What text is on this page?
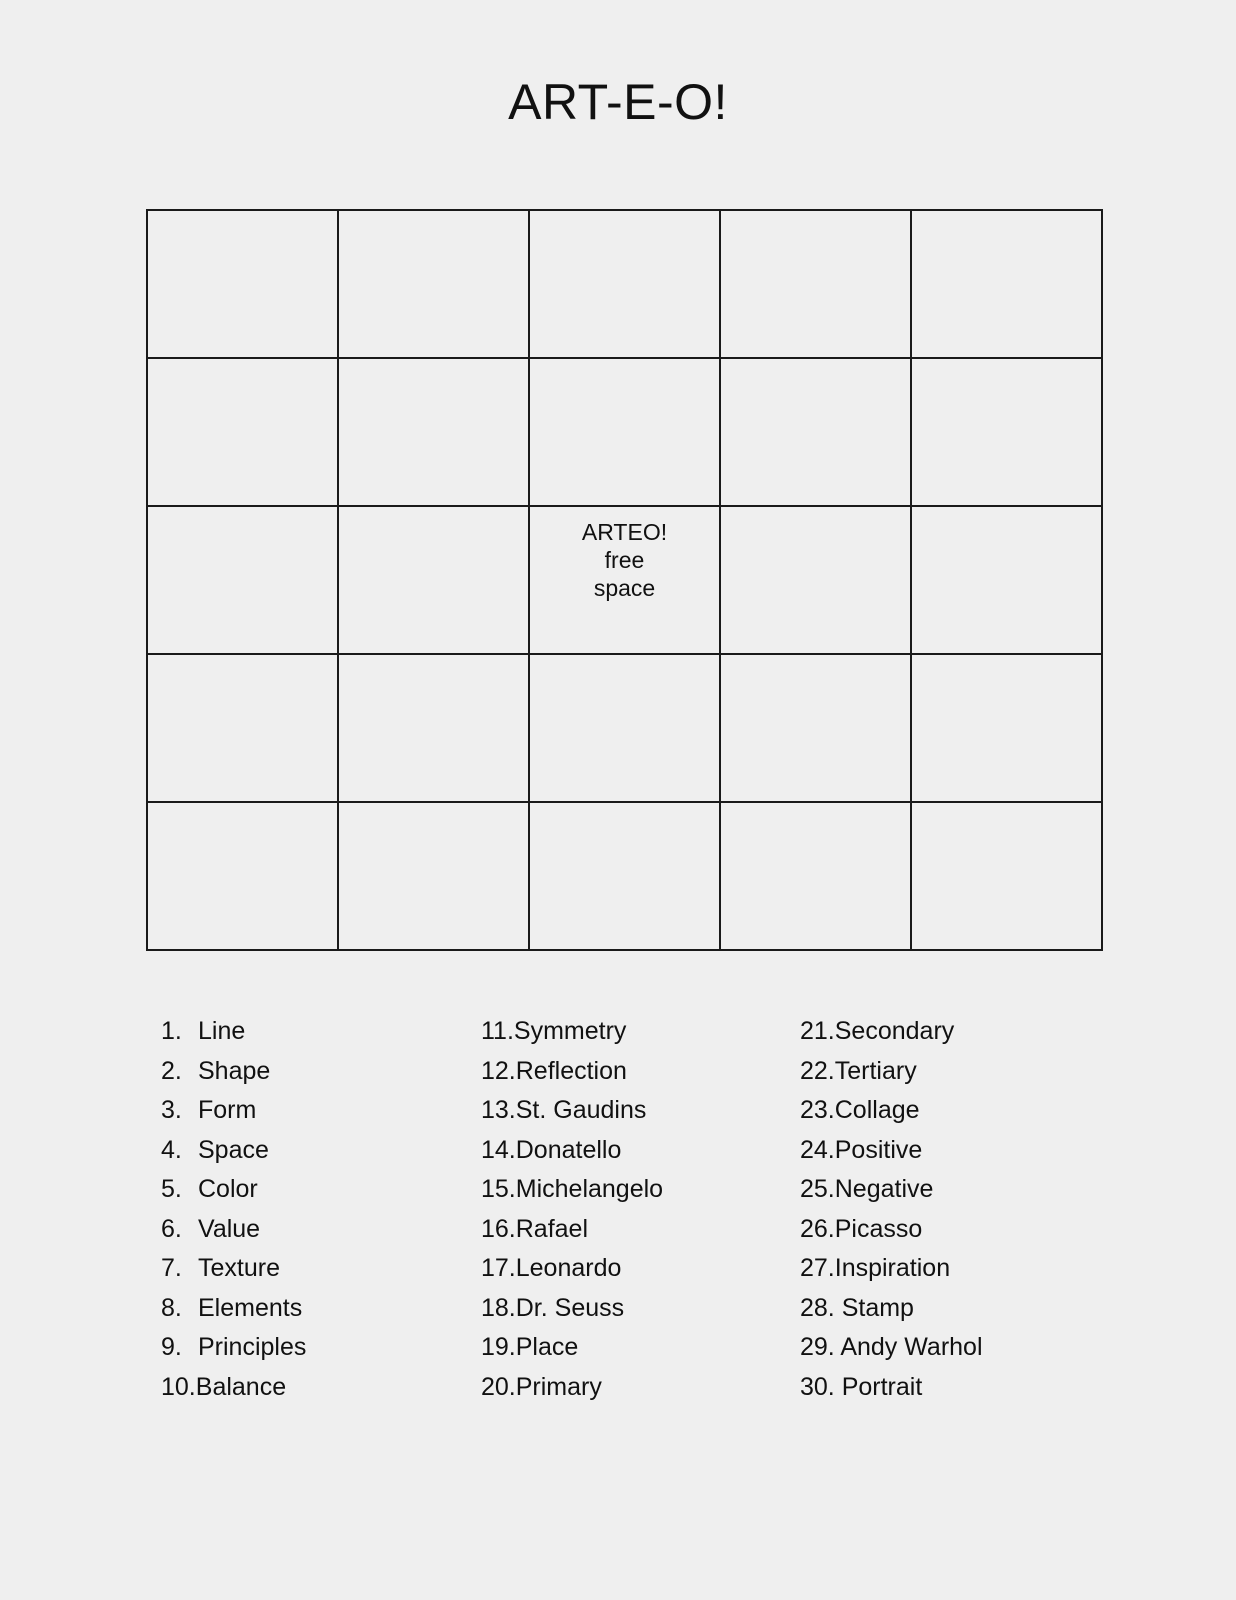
ART-E-O!

		ARTEO!
free
space		

1. Line
2. Shape
3. Form
4. Space
5. Color
6. Value
7. Texture
8. Elements
9. Principles
10.Balance
11.Symmetry
12.Reflection
13.St. Gaudins
14.Donatello
15.Michelangelo
16.Rafael
17.Leonardo
18.Dr. Seuss
19.Place
20.Primary
21.Secondary
22.Tertiary
23.Collage
24.Positive
25.Negative
26.Picasso
27.Inspiration
28. Stamp
29. Andy Warhol
30. Portrait
